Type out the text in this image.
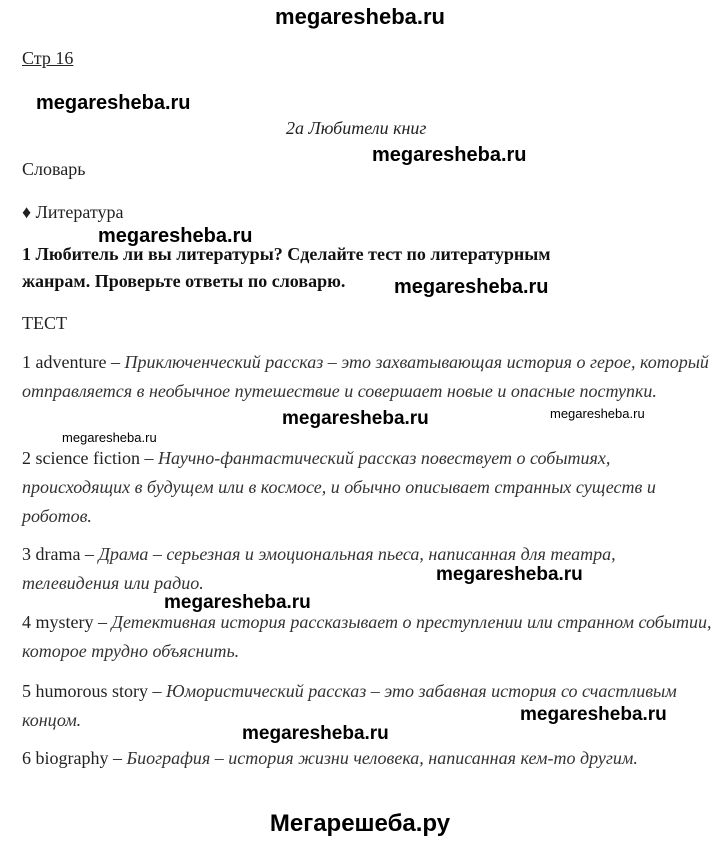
megaresheba.ru
Стр 16
megaresheba.ru
2a Любители книг
megaresheba.ru
Словарь
♦ Литература
megaresheba.ru
1 Любитель ли вы литературы? Сделайте тест по литературным
жанрам. Проверьте ответы по словарю. megaresheba.ru
ТЕСТ
1 adventure – Приключенческий рассказ – это захватывающая история о герое, который отправляется в необычное путешествие и совершает новые и опасные поступки.
megaresheba.ru	megaresheba.ru
megaresheba.ru
2 science fiction – Научно-фантастический рассказ повествует о событиях, происходящих в будущем или в космосе, и обычно описывает странных существ и роботов.
3 drama – Драма – серьезная и эмоциональная пьеса, написанная для театра, телевидения или радио.	megaresheba.ru
megaresheba.ru
4 mystery – Детективная история рассказывает о преступлении или странном событии, которое трудно объяснить.
5 humorous story – Юмористический рассказ – это забавная история со счастливым концом.	megaresheba.ru
megaresheba.ru
6 biography – Биография – история жизни человека, написанная кем-то другим.
Мегарешеба.ру
